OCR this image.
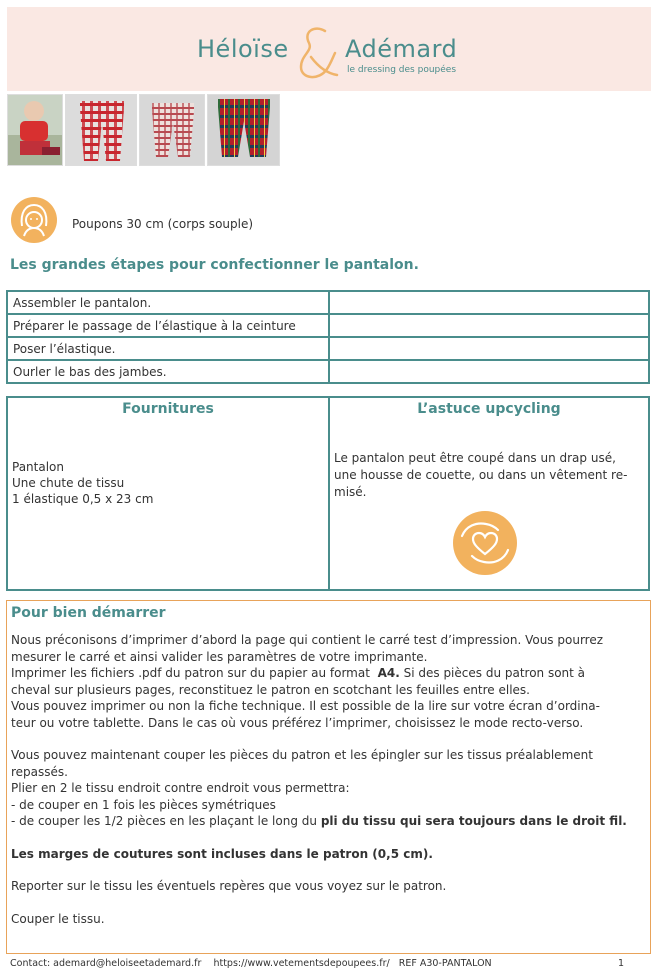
Héloïse Adémard
le dressing des poupées
Poupons 30 cm (corps souple)
Les grandes étapes pour confectionner le pantalon.
Assembler le pantalon.	
Préparer le passage de l’élastique à la ceinture	
Poser l’élastique.	
Ourler le bas des jambes.	
Fournitures	L’astuce upcycling
Pantalon
Une chute de tissu
1 élastique 0,5 x 23 cm
Le pantalon peut être coupé dans un drap usé,
une housse de couette, ou dans un vêtement re-
misé.
Pour bien démarrer
Nous préconisons d’imprimer d’abord la page qui contient le carré test d’impression. Vous pourrez
mesurer le carré et ainsi valider les paramètres de votre imprimante.
Imprimer les fichiers .pdf du patron sur du papier au format A4. Si des pièces du patron sont à
cheval sur plusieurs pages, reconstituez le patron en scotchant les feuilles entre elles.
Vous pouvez imprimer ou non la fiche technique. Il est possible de la lire sur votre écran d’ordina-
teur ou votre tablette. Dans le cas où vous préférez l’imprimer, choisissez le mode recto-verso.
Vous pouvez maintenant couper les pièces du patron et les épingler sur les tissus préalablement
repassés.
Plier en 2 le tissu endroit contre endroit vous permettra:
- de couper en 1 fois les pièces symétriques
- de couper les 1/2 pièces en les plaçant le long du pli du tissu qui sera toujours dans le droit fil.
Les marges de coutures sont incluses dans le patron (0,5 cm).
Reporter sur le tissu les éventuels repères que vous voyez sur le patron.
Couper le tissu.
Contact: ademard@heloiseetademard.fr https://www.vetementsdepoupees.fr/ REF A30-PANTALON	1
